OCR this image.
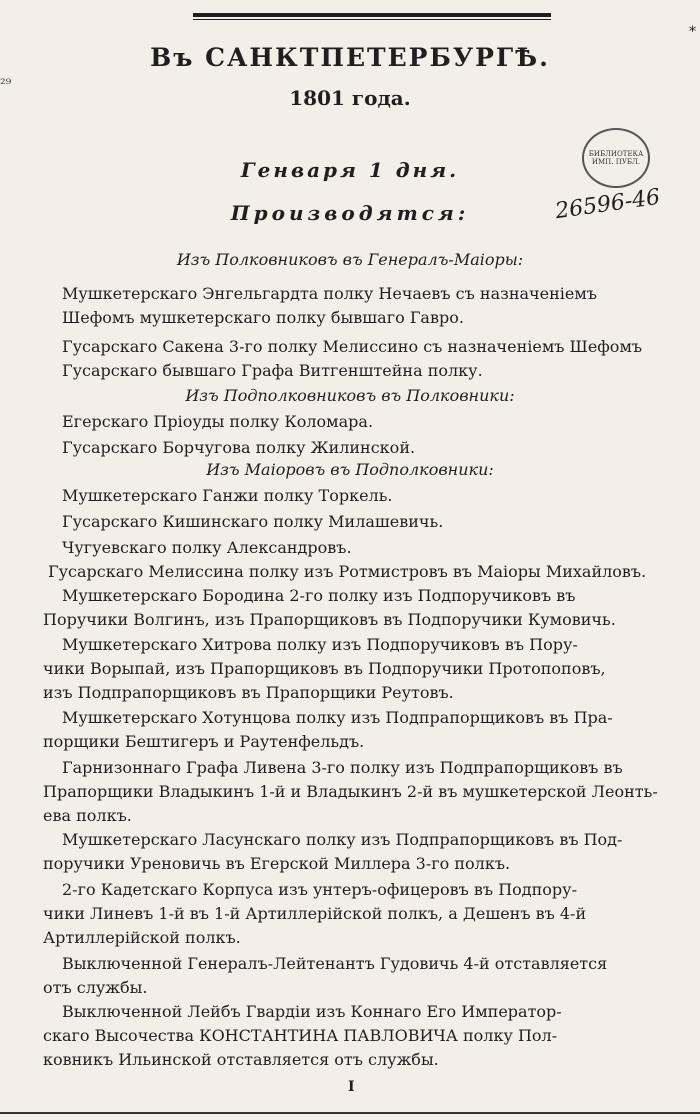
*
₂₉
Въ САНКТПЕТЕРБУРГѢ.
1801 года.
БИБЛИОТЕКА ИМП. ПУБЛ.
26596-46
Генваря 1 дня.
Производятся:
Изъ Полковниковъ въ Генералъ-Маіоры:
Мушкетерскаго Энгельгардта полку Нечаевъ съ назначеніемъ
Шефомъ мушкетерскаго полку бывшаго Гавро.
Гусарскаго Сакена 3-го полку Мелиссино съ назначеніемъ Шефомъ
Гусарскаго бывшаго Графа Витгенштейна полку.
Изъ Подполковниковъ въ Полковники:
Егерскаго Пріоуды полку Коломара.
Гусарскаго Борчугова полку Жилинской.
Изъ Маіоровъ въ Подполковники:
Мушкетерскаго Ганжи полку Торкель.
Гусарскаго Кишинскаго полку Милашевичь.
Чугуевскаго полку Александровъ.
Гусарскаго Мелиссина полку изъ Ротмистровъ въ Маіоры Михайловъ.
Мушкетерскаго Бородина 2-го полку изъ Подпоручиковъ въ
Поручики Волгинъ, изъ Прапорщиковъ въ Подпоручики Кумовичь.
Мушкетерскаго Хитрова полку изъ Подпоручиковъ въ Пору-
чики Ворыпай, изъ Прапорщиковъ въ Подпоручики Протопоповъ,
изъ Подпрапорщиковъ въ Прапорщики Реутовъ.
Мушкетерскаго Хотунцова полку изъ Подпрапорщиковъ въ Пра-
порщики Бештигеръ и Раутенфельдъ.
Гарнизоннаго Графа Ливена 3-го полку изъ Подпрапорщиковъ въ
Прапорщики Владыкинъ 1-й и Владыкинъ 2-й въ мушкетерской Леонть-
ева полкъ.
Мушкетерскаго Ласунскаго полку изъ Подпрапорщиковъ въ Под-
поручики Уреновичь въ Егерской Миллера 3-го полкъ.
2-го Кадетскаго Корпуса изъ унтеръ-офицеровъ въ Подпору-
чики Линевъ 1-й въ 1-й Артиллерійской полкъ, а Дешенъ въ 4-й
Артиллерійской полкъ.
Выключенной Генералъ-Лейтенантъ Гудовичь 4-й отставляется
отъ службы.
Выключенной Лейбъ Гвардіи изъ Коннаго Его Император-
скаго Высочества КОНСТАНТИНА ПАВЛОВИЧА полку Пол-
ковникъ Ильинской отставляется отъ службы.
I
